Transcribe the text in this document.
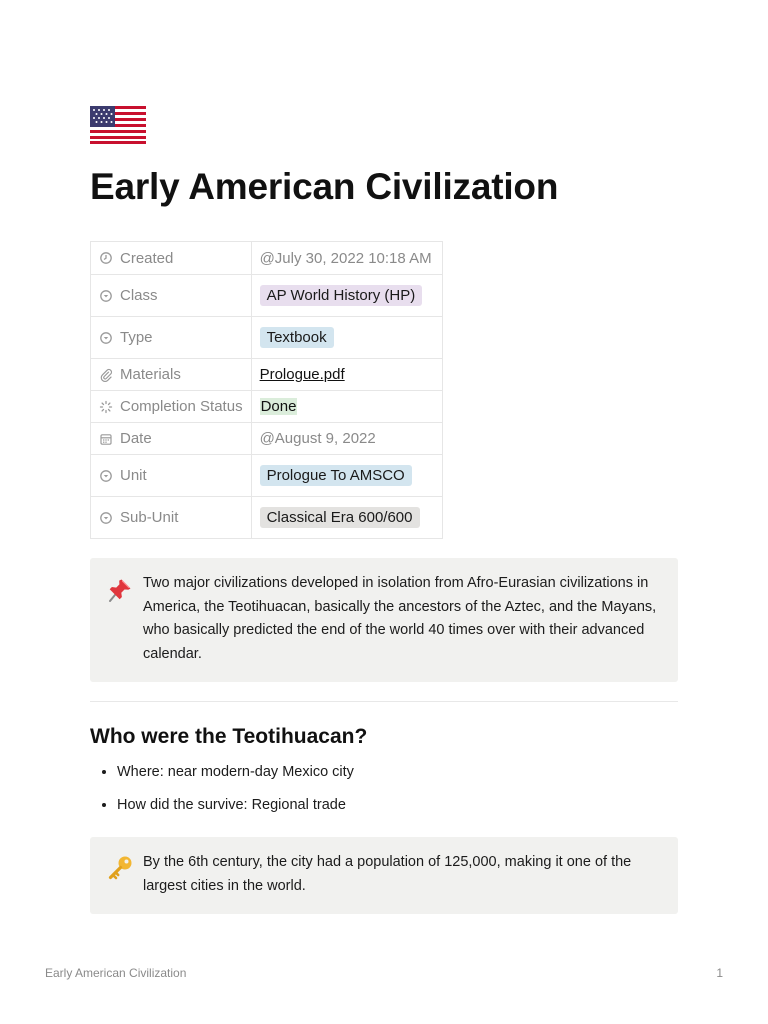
Early American Civilization
Created	@July 30, 2022 10:18 AM

Class	AP World History (HP)

Type	Textbook

Materials	Prologue.pdf

Completion Status	Done

Date	@August 9, 2022

Unit	Prologue To AMSCO

Sub-Unit	Classical Era 600/600
Two major civilizations developed in isolation from Afro-Eurasian civilizations in America, the Teotihuacan, basically the ancestors of the Aztec, and the Mayans, who basically predicted the end of the world 40 times over with their advanced calendar.
Who were the Teotihuacan?
• Where: near modern-day Mexico city
• How did the survive: Regional trade
By the 6th century, the city had a population of 125,000, making it one of the largest cities in the world.
Early American Civilization	1
